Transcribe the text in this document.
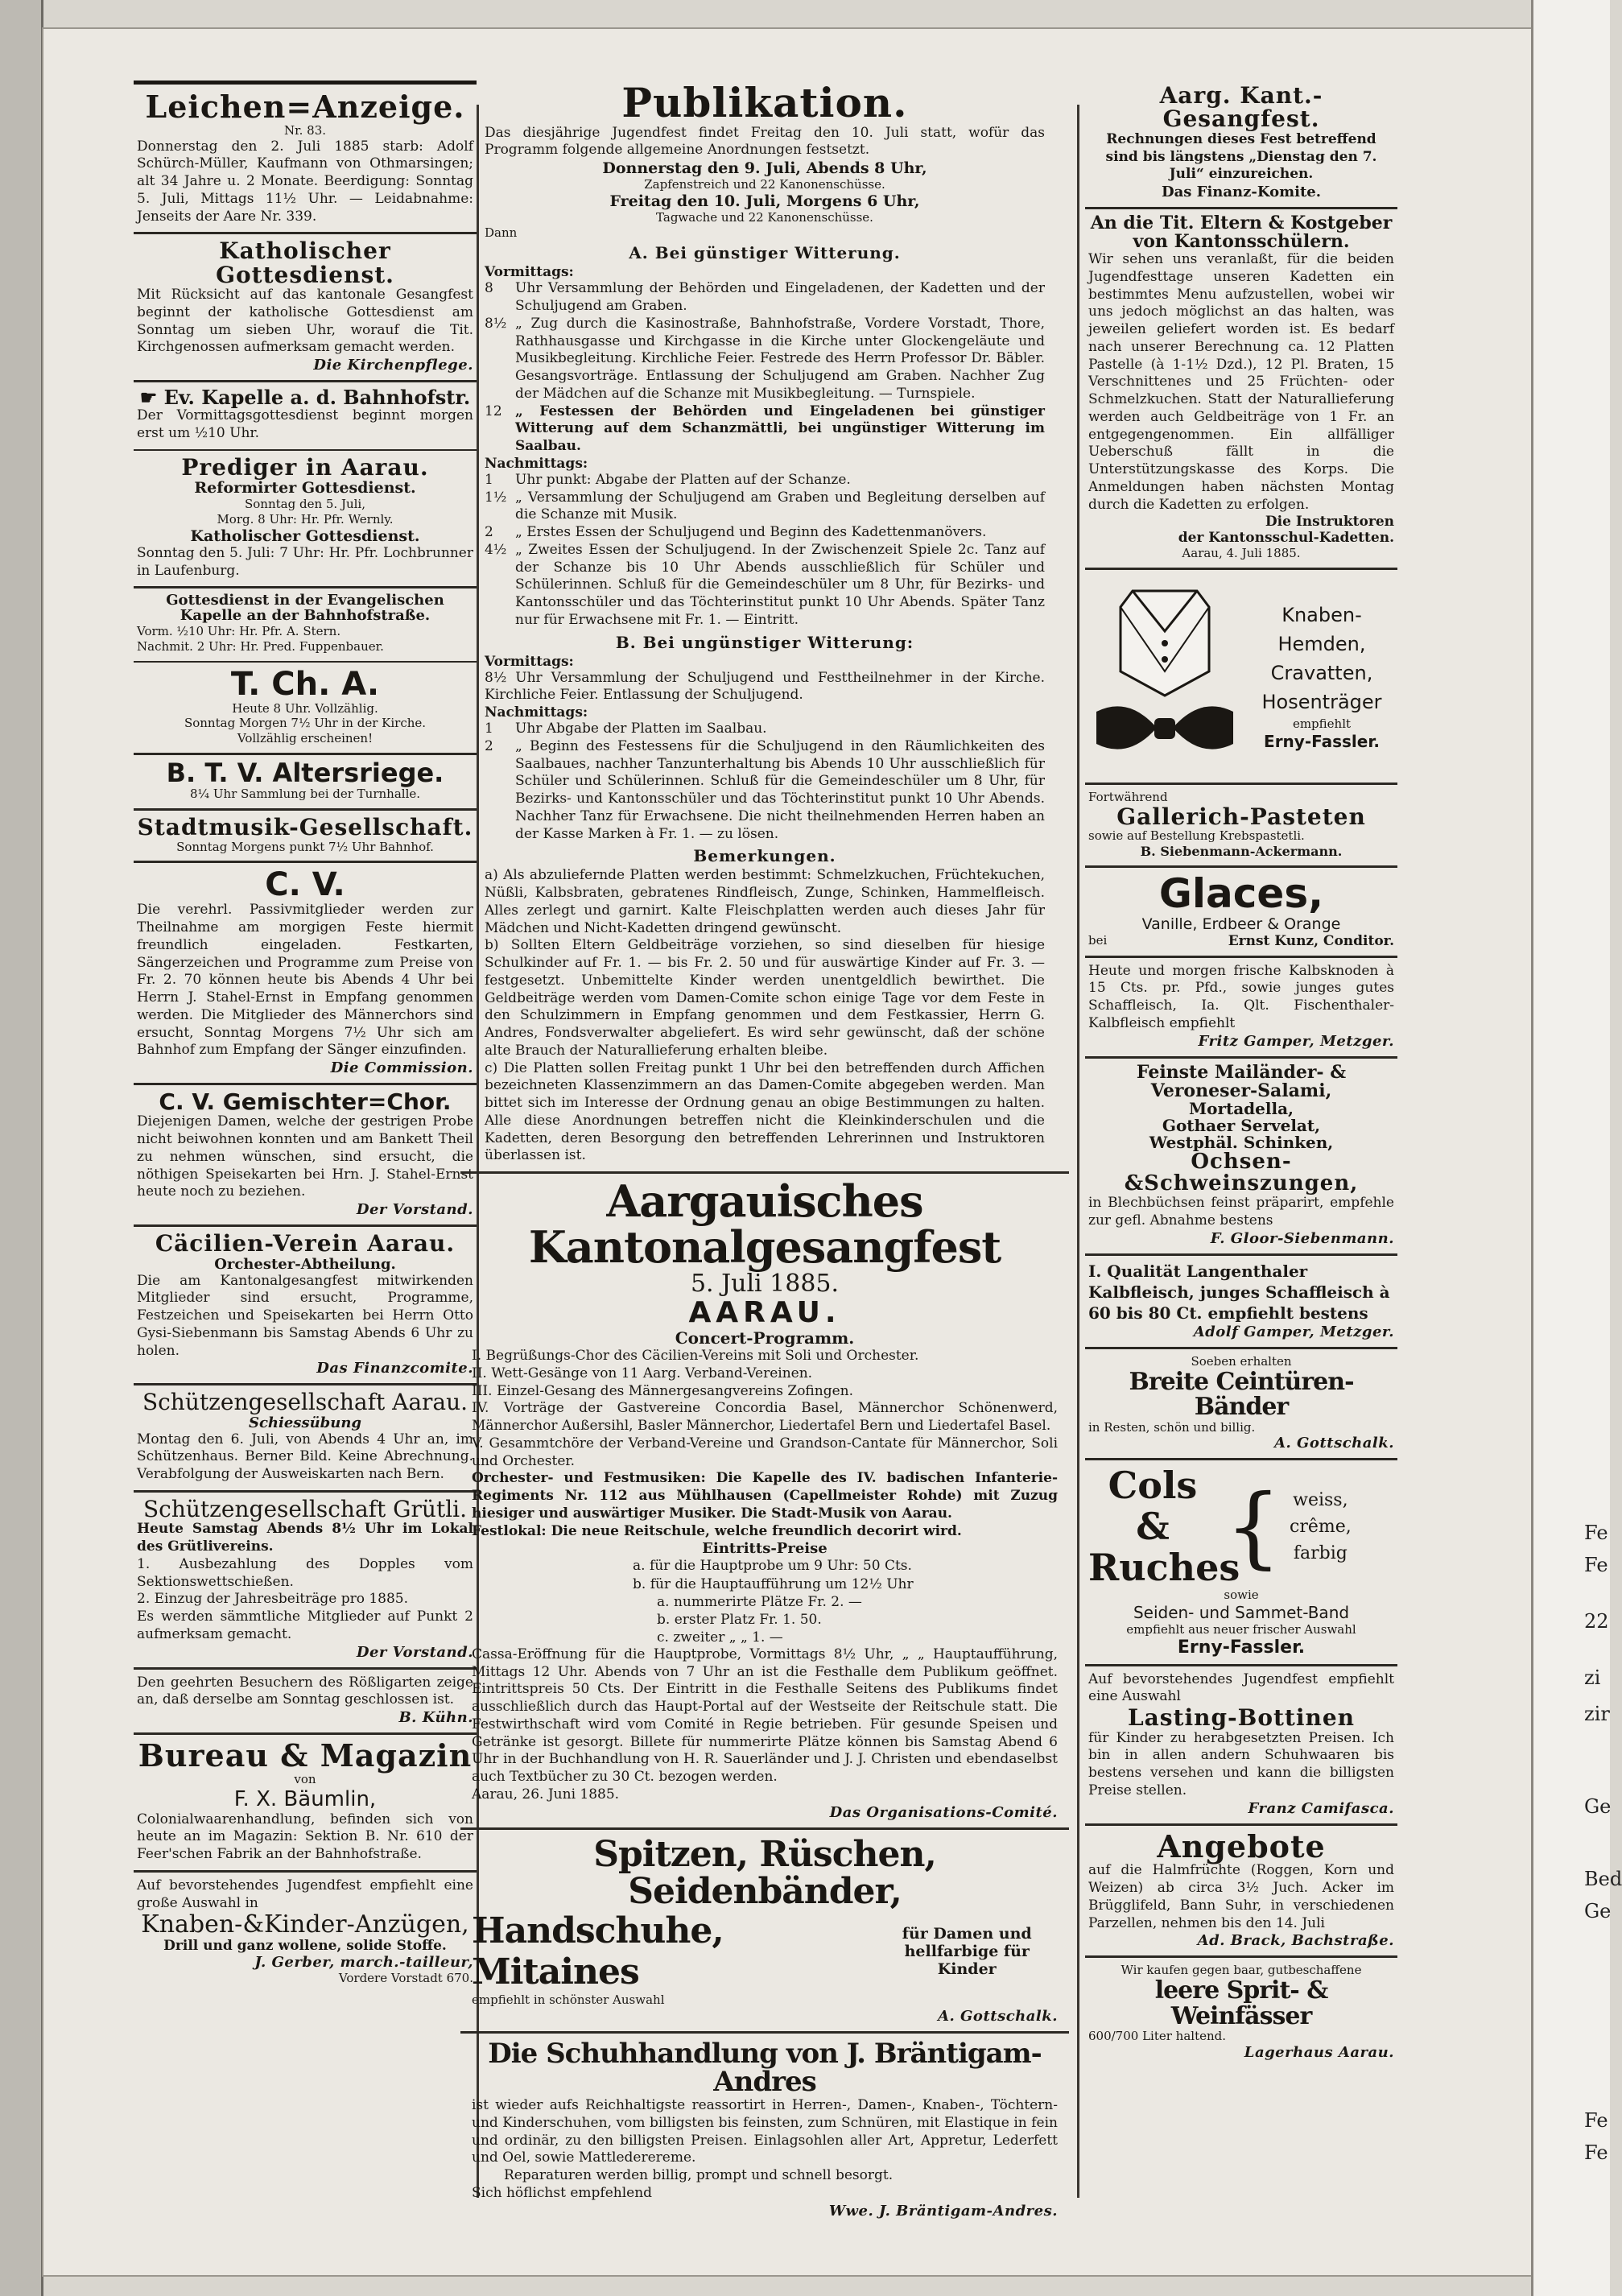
Fe
Fe
22
zi
zir
Ge
Bed
Ge
Fe
Fe
Leichen=Anzeige.
Nr. 83.
Donnerstag den 2. Juli 1885 starb: Adolf Schürch-Müller, Kaufmann von Othmarsingen; alt 34 Jahre u. 2 Monate. Beerdigung: Sonntag 5. Juli, Mittags 11½ Uhr. — Leidabnahme: Jenseits der Aare Nr. 339.
Katholischer Gottesdienst.
Mit Rücksicht auf das kantonale Gesangfest beginnt der katholische Gottesdienst am Sonntag um sieben Uhr, worauf die Tit. Kirchgenossen aufmerksam gemacht werden.
Die Kirchenpflege.
☛ Ev. Kapelle a. d. Bahnhofstr.
Der Vormittagsgottesdienst beginnt morgen erst um ½10 Uhr.
Prediger in Aarau.
Reformirter Gottesdienst.
Sonntag den 5. Juli,
Morg. 8 Uhr: Hr. Pfr. Wernly.
Katholischer Gottesdienst.
Sonntag den 5. Juli: 7 Uhr: Hr. Pfr. Lochbrunner in Laufenburg.
Gottesdienst in der Evangelischen Kapelle an der Bahnhofstraße.
Vorm. ½10 Uhr: Hr. Pfr. A. Stern.
Nachmit. 2 Uhr: Hr. Pred. Fuppenbauer.
T. Ch. A.
Heute 8 Uhr. Vollzählig.
Sonntag Morgen 7½ Uhr in der Kirche.
Vollzählig erscheinen!
B. T. V. Altersriege.
8¼ Uhr Sammlung bei der Turnhalle.
Stadtmusik-Gesellschaft.
Sonntag Morgens punkt 7½ Uhr Bahnhof.
C. V.
Die verehrl. Passivmitglieder werden zur Theilnahme am morgigen Feste hiermit freundlich eingeladen. Festkarten, Sängerzeichen und Programme zum Preise von Fr. 2. 70 können heute bis Abends 4 Uhr bei Herrn J. Stahel-Ernst in Empfang genommen werden. Die Mitglieder des Männerchors sind ersucht, Sonntag Morgens 7½ Uhr sich am Bahnhof zum Empfang der Sänger einzufinden.
Die Commission.
C. V. Gemischter=Chor.
Diejenigen Damen, welche der gestrigen Probe nicht beiwohnen konnten und am Bankett Theil zu nehmen wünschen, sind ersucht, die nöthigen Speisekarten bei Hrn. J. Stahel-Ernst heute noch zu beziehen.
Der Vorstand.
Cäcilien-Verein Aarau.
Orchester-Abtheilung.
Die am Kantonalgesangfest mitwirkenden Mitglieder sind ersucht, Programme, Festzeichen und Speisekarten bei Herrn Otto Gysi-Siebenmann bis Samstag Abends 6 Uhr zu holen.
Das Finanzcomite.
Schützengesellschaft Aarau.
Schiessübung
Montag den 6. Juli, von Abends 4 Uhr an, im Schützenhaus. Berner Bild. Keine Abrechnung. Verabfolgung der Ausweiskarten nach Bern.
Schützengesellschaft Grütli.
Heute Samstag Abends 8½ Uhr im Lokal des Grütlivereins.
1. Ausbezahlung des Dopples vom Sektionswettschießen.
2. Einzug der Jahresbeiträge pro 1885.
Es werden sämmtliche Mitglieder auf Punkt 2 aufmerksam gemacht.
Der Vorstand.
Den geehrten Besuchern des Rößligarten zeige an, daß derselbe am Sonntag geschlossen ist.
B. Kühn.
Bureau & Magazin
von
F. X. Bäumlin,
Colonialwaarenhandlung, befinden sich von heute an im Magazin: Sektion B. Nr. 610 der Feer'schen Fabrik an der Bahnhofstraße.
Auf bevorstehendes Jugendfest empfiehlt eine große Auswahl in
Knaben-&Kinder-Anzügen,
Drill und ganz wollene, solide Stoffe.
J. Gerber, march.-tailleur,
Vordere Vorstadt 670.
Publikation.
Das diesjährige Jugendfest findet Freitag den 10. Juli statt, wofür das Programm folgende allgemeine Anordnungen festsetzt.
Donnerstag den 9. Juli, Abends 8 Uhr,
Zapfenstreich und 22 Kanonenschüsse.
Freitag den 10. Juli, Morgens 6 Uhr,
Tagwache und 22 Kanonenschüsse.
Dann
A. Bei günstiger Witterung.
Vormittags:
8	Uhr Versammlung der Behörden und Eingeladenen, der Kadetten und der Schuljugend am Graben.
8½ „ Zug durch die Kasinostraße, Bahnhofstraße, Vordere Vorstadt, Thore, Rathhausgasse und Kirchgasse in die Kirche unter Glockengeläute und Musikbegleitung. Kirchliche Feier. Festrede des Herrn Professor Dr. Bäbler. Gesangsvorträge. Entlassung der Schuljugend am Graben. Nachher Zug der Mädchen auf die Schanze mit Musikbegleitung. — Turnspiele.
12 „ Festessen der Behörden und Eingeladenen bei günstiger Witterung auf dem Schanzmättli, bei ungünstiger Witterung im Saalbau.
Nachmittags:
1	Uhr punkt: Abgabe der Platten auf der Schanze.
1½ „ Versammlung der Schuljugend am Graben und Begleitung derselben auf die Schanze mit Musik.
2	„ Erstes Essen der Schuljugend und Beginn des Kadettenmanövers.
4½ „ Zweites Essen der Schuljugend. In der Zwischenzeit Spiele 2c. Tanz auf der Schanze bis 10 Uhr Abends ausschließlich für Schüler und Schülerinnen. Schluß für die Gemeindeschüler um 8 Uhr, für Bezirks- und Kantonsschüler und das Töchterinstitut punkt 10 Uhr Abends. Später Tanz nur für Erwachsene mit Fr. 1. — Eintritt.
B. Bei ungünstiger Witterung:
Vormittags:
8½ Uhr Versammlung der Schuljugend und Festtheilnehmer in der Kirche. Kirchliche Feier. Entlassung der Schuljugend.
Nachmittags:
1	Uhr Abgabe der Platten im Saalbau.
2	„ Beginn des Festessens für die Schuljugend in den Räumlichkeiten des Saalbaues, nachher Tanzunterhaltung bis Abends 10 Uhr ausschließlich für Schüler und Schülerinnen. Schluß für die Gemeindeschüler um 8 Uhr, für Bezirks- und Kantonsschüler und das Töchterinstitut punkt 10 Uhr Abends. Nachher Tanz für Erwachsene. Die nicht theilnehmenden Herren haben an der Kasse Marken à Fr. 1. — zu lösen.
Bemerkungen.
a) Als abzuliefernde Platten werden bestimmt: Schmelzkuchen, Früchtekuchen, Nüßli, Kalbsbraten, gebratenes Rindfleisch, Zunge, Schinken, Hammelfleisch. Alles zerlegt und garnirt. Kalte Fleischplatten werden auch dieses Jahr für Mädchen und Nicht-Kadetten dringend gewünscht.
b) Sollten Eltern Geldbeiträge vorziehen, so sind dieselben für hiesige Schulkinder auf Fr. 1. — bis Fr. 2. 50 und für auswärtige Kinder auf Fr. 3. — festgesetzt. Unbemittelte Kinder werden unentgeldlich bewirthet. Die Geldbeiträge werden vom Damen-Comite schon einige Tage vor dem Feste in den Schulzimmern in Empfang genommen und dem Festkassier, Herrn G. Andres, Fondsverwalter abgeliefert. Es wird sehr gewünscht, daß der schöne alte Brauch der Naturallieferung erhalten bleibe.
c) Die Platten sollen Freitag punkt 1 Uhr bei den betreffenden durch Affichen bezeichneten Klassenzimmern an das Damen-Comite abgegeben werden. Man bittet sich im Interesse der Ordnung genau an obige Bestimmungen zu halten. Alle diese Anordnungen betreffen nicht die Kleinkinderschulen und die Kadetten, deren Besorgung den betreffenden Lehrerinnen und Instruktoren überlassen ist.
Aargauisches Kantonalgesangfest
5. Juli 1885.
AARAU.
Concert-Programm.
I. Begrüßungs-Chor des Cäcilien-Vereins mit Soli und Orchester.
II. Wett-Gesänge von 11 Aarg. Verband-Vereinen.
III. Einzel-Gesang des Männergesangvereins Zofingen.
IV. Vorträge der Gastvereine Concordia Basel, Männerchor Schönenwerd, Männerchor Außersihl, Basler Männerchor, Liedertafel Bern und Liedertafel Basel.
V. Gesammtchöre der Verband-Vereine und Grandson-Cantate für Männerchor, Soli und Orchester.
Orchester- und Festmusiken: Die Kapelle des IV. badischen Infanterie-Regiments Nr. 112 aus Mühlhausen (Capellmeister Rohde) mit Zuzug hiesiger und auswärtiger Musiker. Die Stadt-Musik von Aarau.
Festlokal: Die neue Reitschule, welche freundlich decorirt wird.
Eintritts-Preise
a. für die Hauptprobe um 9 Uhr: 50 Cts.
b. für die Hauptaufführung um 12½ Uhr
a. nummerirte Plätze Fr. 2. —
b. erster Platz Fr. 1. 50.
c. zweiter „ „ 1. —
Cassa-Eröffnung für die Hauptprobe, Vormittags 8½ Uhr, „ „ Hauptaufführung, Mittags 12 Uhr. Abends von 7 Uhr an ist die Festhalle dem Publikum geöffnet. Eintrittspreis 50 Cts. Der Eintritt in die Festhalle Seitens des Publikums findet ausschließlich durch das Haupt-Portal auf der Westseite der Reitschule statt. Die Festwirthschaft wird vom Comité in Regie betrieben. Für gesunde Speisen und Getränke ist gesorgt. Billete für nummerirte Plätze können bis Samstag Abend 6 Uhr in der Buchhandlung von H. R. Sauerländer und J. J. Christen und ebendaselbst auch Textbücher zu 30 Ct. bezogen werden.
Aarau, 26. Juni 1885.
Das Organisations-Comité.
Spitzen, Rüschen, Seidenbänder,
Handschuhe, Mitaines
für Damen und hellfarbige für Kinder
empfiehlt in schönster Auswahl
A. Gottschalk.
Die Schuhhandlung von J. Bräntigam-Andres
ist wieder aufs Reichhaltigste reassortirt in Herren-, Damen-, Knaben-, Töchtern- und Kinderschuhen, vom billigsten bis feinsten, zum Schnüren, mit Elastique in fein und ordinär, zu den billigsten Preisen. Einlagsohlen aller Art, Appretur, Lederfett und Oel, sowie Mattlederereme.
Reparaturen werden billig, prompt und schnell besorgt.
Sich höflichst empfehlend
Wwe. J. Bräntigam-Andres.
Aarg. Kant.-Gesangfest.
Rechnungen dieses Fest betreffend sind bis längstens „Dienstag den 7. Juli“ einzureichen.
Das Finanz-Komite.
An die Tit. Eltern & Kostgeber von Kantonsschülern.
Wir sehen uns veranlaßt, für die beiden Jugendfesttage unseren Kadetten ein bestimmtes Menu aufzustellen, wobei wir uns jedoch möglichst an das halten, was jeweilen geliefert worden ist. Es bedarf nach unserer Berechnung ca. 12 Platten Pastelle (à 1-1½ Dzd.), 12 Pl. Braten, 15 Verschnittenes und 25 Früchten- oder Schmelzkuchen. Statt der Naturallieferung werden auch Geldbeiträge von 1 Fr. an entgegengenommen. Ein allfälliger Ueberschuß fällt in die Unterstützungskasse des Korps. Die Anmeldungen haben nächsten Montag durch die Kadetten zu erfolgen.
Die Instruktoren
der Kantonsschul-Kadetten.
Aarau, 4. Juli 1885.
Knaben-
Hemden,
Cravatten,
Hosenträger
empfiehlt
Erny-Fassler.
Fortwährend
Gallerich-Pasteten
sowie auf Bestellung Krebspastetli.
B. Siebenmann-Ackermann.
Glaces,
Vanille, Erdbeer & Orange
bei	Ernst Kunz, Conditor.
Heute und morgen frische Kalbsknoden à 15 Cts. pr. Pfd., sowie junges gutes Schaffleisch, Ia. Qlt. Fischenthaler-Kalbfleisch empfiehlt
Fritz Gamper, Metzger.
Feinste Mailänder- & Veroneser-Salami,
Mortadella,
Gothaer Servelat,
Westphäl. Schinken,
Ochsen-&Schweinszungen,
in Blechbüchsen feinst präparirt, empfehle zur gefl. Abnahme bestens
F. Gloor-Siebenmann.
I. Qualität Langenthaler Kalbfleisch, junges Schaffleisch à 60 bis 80 Ct. empfiehlt bestens
Adolf Gamper, Metzger.
Soeben erhalten
Breite Ceintüren-Bänder
in Resten, schön und billig.
A. Gottschalk.
Cols
&
Ruches
{ weiss,
crême,
farbig
sowie
Seiden- und Sammet-Band
empfiehlt aus neuer frischer Auswahl
Erny-Fassler.
Auf bevorstehendes Jugendfest empfiehlt eine Auswahl
Lasting-Bottinen
für Kinder zu herabgesetzten Preisen. Ich bin in allen andern Schuhwaaren bis bestens versehen und kann die billigsten Preise stellen.
Franz Camifasca.
Angebote
auf die Halmfrüchte (Roggen, Korn und Weizen) ab circa 3½ Juch. Acker im Brügglifeld, Bann Suhr, in verschiedenen Parzellen, nehmen bis den 14. Juli
Ad. Brack, Bachstraße.
Wir kaufen gegen baar, gutbeschaffene
leere Sprit- & Weinfässer
600/700 Liter haltend.
Lagerhaus Aarau.
